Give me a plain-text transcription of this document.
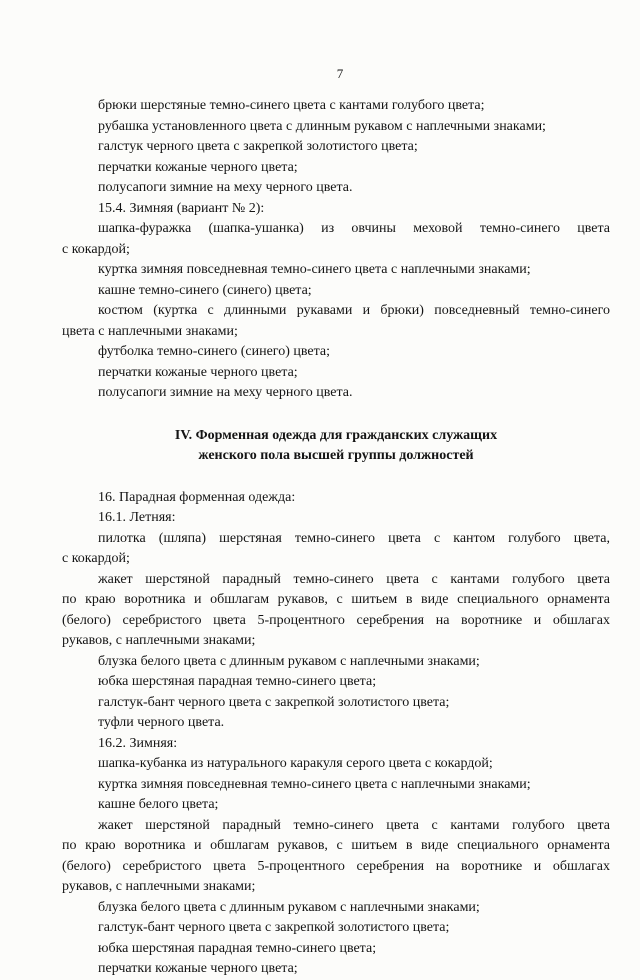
7

брюки шерстяные темно-синего цвета с кантами голубого цвета;

рубашка установленного цвета с длинным рукавом с наплечными знаками;

галстук черного цвета с закрепкой золотистого цвета;

перчатки кожаные черного цвета;

полусапоги зимние на меху черного цвета.

15.4. Зимняя (вариант № 2):

шапка-фуражка (шапка-ушанка) из овчины меховой темно-синего цвета

с кокардой;

куртка зимняя повседневная темно-синего цвета с наплечными знаками;

кашне темно-синего (синего) цвета;

костюм (куртка с длинными рукавами и брюки) повседневный темно-синего

цвета с наплечными знаками;

футболка темно-синего (синего) цвета;

перчатки кожаные черного цвета;

полусапоги зимние на меху черного цвета.

IV. Форменная одежда для гражданских служащих
женского пола высшей группы должностей

16. Парадная форменная одежда:

16.1. Летняя:

пилотка (шляпа) шерстяная темно-синего цвета с кантом голубого цвета,

с кокардой;

жакет шерстяной парадный темно-синего цвета с кантами голубого цвета

по краю воротника и обшлагам рукавов, с шитьем в виде специального орнамента

(белого) серебристого цвета 5-процентного серебрения на воротнике и обшлагах

рукавов, с наплечными знаками;

блузка белого цвета с длинным рукавом с наплечными знаками;

юбка шерстяная парадная темно-синего цвета;

галстук-бант черного цвета с закрепкой золотистого цвета;

туфли черного цвета.

16.2. Зимняя:

шапка-кубанка из натурального каракуля серого цвета с кокардой;

куртка зимняя повседневная темно-синего цвета с наплечными знаками;

кашне белого цвета;

жакет шерстяной парадный темно-синего цвета с кантами голубого цвета

по краю воротника и обшлагам рукавов, с шитьем в виде специального орнамента

(белого) серебристого цвета 5-процентного серебрения на воротнике и обшлагах

рукавов, с наплечными знаками;

блузка белого цвета с длинным рукавом с наплечными знаками;

галстук-бант черного цвета с закрепкой золотистого цвета;

юбка шерстяная парадная темно-синего цвета;

перчатки кожаные черного цвета;
